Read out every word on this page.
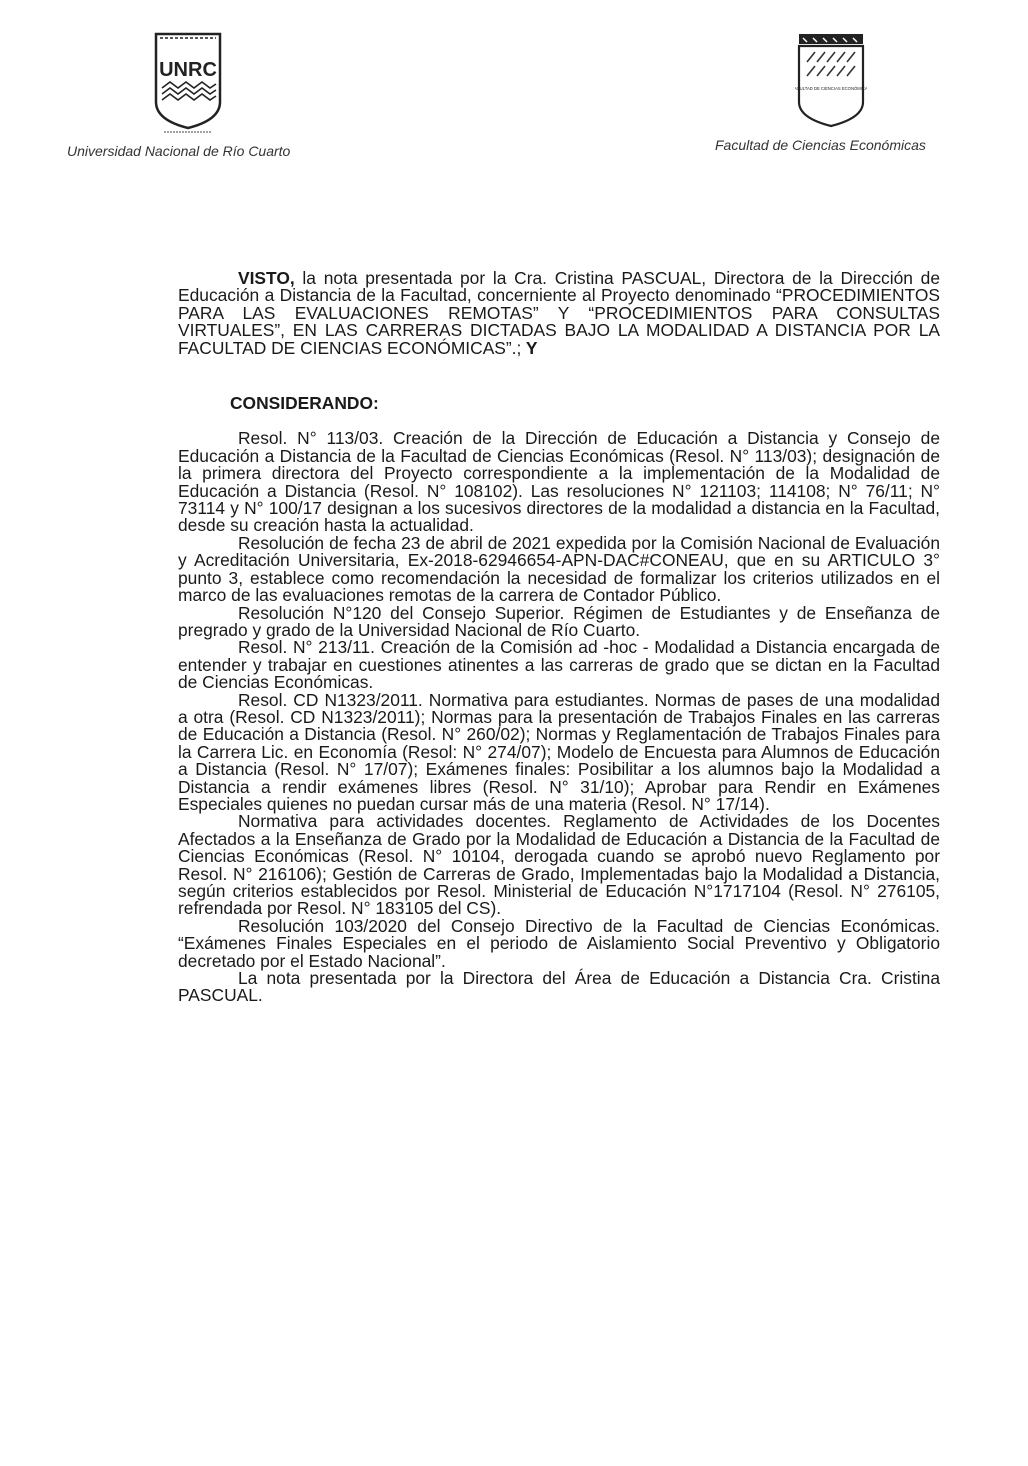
UNRC
Universidad Nacional de Río Cuarto
FACULTAD DE CIENCIAS ECONÓMICAS
Facultad de Ciencias Económicas

VISTO, la nota presentada por la Cra. Cristina PASCUAL, Directora de la Dirección de Educación a Distancia de la Facultad, concerniente al Proyecto denominado “PROCEDIMIENTOS PARA LAS EVALUACIONES REMOTAS” Y “PROCEDIMIENTOS PARA CONSULTAS VIRTUALES”, EN LAS CARRERAS DICTADAS BAJO LA MODALIDAD A DISTANCIA POR LA FACULTAD DE CIENCIAS ECONÓMICAS”.; Y

CONSIDERANDO:

Resol. N° 113/03. Creación de la Dirección de Educación a Distancia y Consejo de Educación a Distancia de la Facultad de Ciencias Económicas (Resol. N° 113/03); designación de la primera directora del Proyecto correspondiente a la implementación de la Modalidad de Educación a Distancia (Resol. N° 108102). Las resoluciones N° 121103; 114108; N° 76/11; N° 73114 y N° 100/17 designan a los sucesivos directores de la modalidad a distancia en la Facultad, desde su creación hasta la actualidad.

Resolución de fecha 23 de abril de 2021 expedida por la Comisión Nacional de Evaluación y Acreditación Universitaria, Ex-2018-62946654-APN-DAC#CONEAU, que en su ARTICULO 3° punto 3, establece como recomendación la necesidad de formalizar los criterios utilizados en el marco de las evaluaciones remotas de la carrera de Contador Público.

Resolución N°120 del Consejo Superior. Régimen de Estudiantes y de Enseñanza de pregrado y grado de la Universidad Nacional de Río Cuarto.

Resol. N° 213/11. Creación de la Comisión ad -hoc - Modalidad a Distancia encargada de entender y trabajar en cuestiones atinentes a las carreras de grado que se dictan en la Facultad de Ciencias Económicas.

Resol. CD N1323/2011. Normativa para estudiantes. Normas de pases de una modalidad a otra (Resol. CD N1323/2011); Normas para la presentación de Trabajos Finales en las carreras de Educación a Distancia (Resol. N° 260/02); Normas y Reglamentación de Trabajos Finales para la Carrera Lic. en Economía (Resol: N° 274/07); Modelo de Encuesta para Alumnos de Educación a Distancia (Resol. N° 17/07); Exámenes finales: Posibilitar a los alumnos bajo la Modalidad a Distancia a rendir exámenes libres (Resol. N° 31/10); Aprobar para Rendir en Exámenes Especiales quienes no puedan cursar más de una materia (Resol. N° 17/14).

Normativa para actividades docentes. Reglamento de Actividades de los Docentes Afectados a la Enseñanza de Grado por la Modalidad de Educación a Distancia de la Facultad de Ciencias Económicas (Resol. N° 10104, derogada cuando se aprobó nuevo Reglamento por Resol. N° 216106); Gestión de Carreras de Grado, Implementadas bajo la Modalidad a Distancia, según criterios establecidos por Resol. Ministerial de Educación N°1717104 (Resol. N° 276105, refrendada por Resol. N° 183105 del CS).

Resolución 103/2020 del Consejo Directivo de la Facultad de Ciencias Económicas. “Exámenes Finales Especiales en el periodo de Aislamiento Social Preventivo y Obligatorio decretado por el Estado Nacional”.

La nota presentada por la Directora del Área de Educación a Distancia Cra. Cristina PASCUAL.
